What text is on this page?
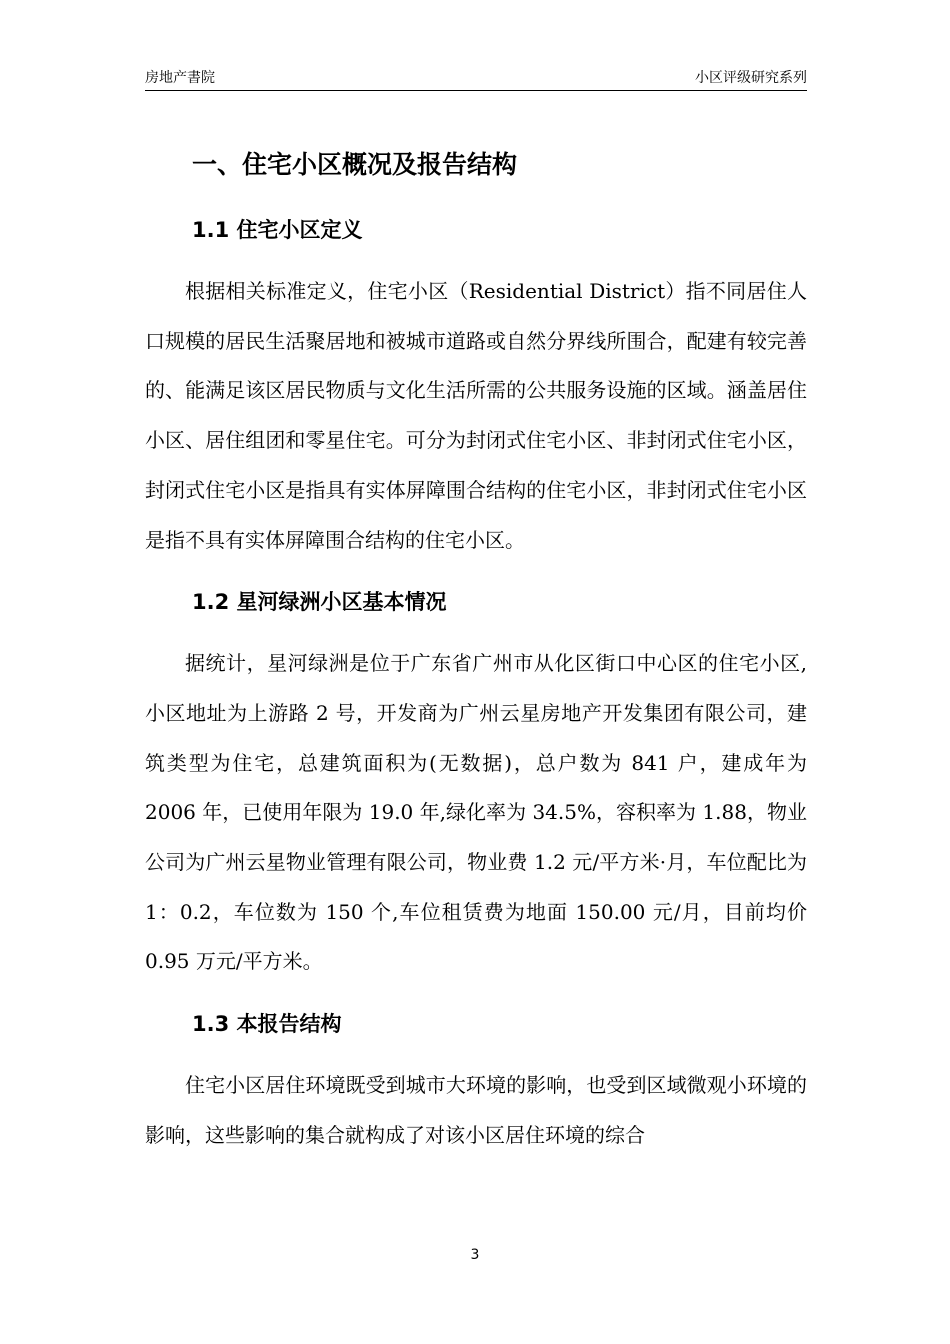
房地产書院	小区评级研究系列
一、住宅小区概况及报告结构
1.1 住宅小区定义

根据相关标准定义，住宅小区（Residential District）指不同居住人口规模的居民生活聚居地和被城市道路或自然分界线所围合，配建有较完善的、能满足该区居民物质与文化生活所需的公共服务设施的区域。涵盖居住小区、居住组团和零星住宅。可分为封闭式住宅小区、非封闭式住宅小区，封闭式住宅小区是指具有实体屏障围合结构的住宅小区，非封闭式住宅小区是指不具有实体屏障围合结构的住宅小区。

1.2 星河绿洲小区基本情况

据统计，星河绿洲是位于广东省广州市从化区街口中心区的住宅小区,小区地址为上游路 2 号，开发商为广州云星房地产开发集团有限公司，建筑类型为住宅，总建筑面积为(无数据)，总户数为 841 户，建成年为 2006 年，已使用年限为 19.0 年,绿化率为 34.5%，容积率为 1.88，物业公司为广州云星物业管理有限公司，物业费 1.2 元/平方米·月，车位配比为 1：0.2，车位数为 150 个,车位租赁费为地面 150.00 元/月，目前均价 0.95 万元/平方米。

1.3 本报告结构

住宅小区居住环境既受到城市大环境的影响，也受到区域微观小环境的影响，这些影响的集合就构成了对该小区居住环境的综合

3
